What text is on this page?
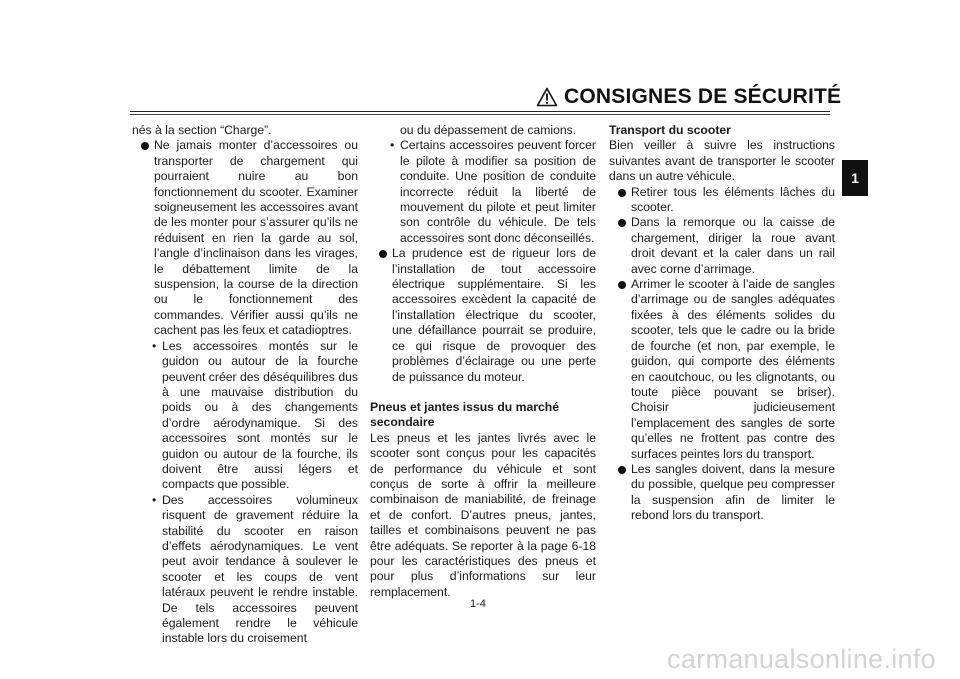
CONSIGNES DE SÉCURITÉ

nés à la section “Charge”.

Ne jamais monter d’accessoires ou transporter de chargement qui pourraient nuire au bon fonctionnement du scooter. Examiner soigneusement les accessoires avant de les monter pour s’assurer qu’ils ne réduisent en rien la garde au sol, l’angle d’inclinaison dans les virages, le débattement limite de la suspension, la course de la direction ou le fonctionnement des commandes. Vérifier aussi qu’ils ne cachent pas les feux et catadioptres.

• Les accessoires montés sur le guidon ou autour de la fourche peuvent créer des déséquilibres dus à une mauvaise distribution du poids ou à des changements d’ordre aérodynamique. Si des accessoires sont montés sur le guidon ou autour de la fourche, ils doivent être aussi légers et compacts que possible.

• Des accessoires volumineux risquent de gravement réduire la stabilité du scooter en raison d’effets aérodynamiques. Le vent peut avoir tendance à soulever le scooter et les coups de vent latéraux peuvent le rendre instable. De tels accessoires peuvent également rendre le véhicule instable lors du croisement

ou du dépassement de camions.

• Certains accessoires peuvent forcer le pilote à modifier sa position de conduite. Une position de conduite incorrecte réduit la liberté de mouvement du pilote et peut limiter son contrôle du véhicule. De tels accessoires sont donc déconseillés.

La prudence est de rigueur lors de l’installation de tout accessoire électrique supplémentaire. Si les accessoires excèdent la capacité de l’installation électrique du scooter, une défaillance pourrait se produire, ce qui risque de provoquer des problèmes d’éclairage ou une perte de puissance du moteur.

Pneus et jantes issus du marché secondaire

Les pneus et les jantes livrés avec le scooter sont conçus pour les capacités de performance du véhicule et sont conçus de sorte à offrir la meilleure combinaison de maniabilité, de freinage et de confort. D’autres pneus, jantes, tailles et combinaisons peuvent ne pas être adéquats. Se reporter à la page 6-18 pour les caractéristiques des pneus et pour plus d’informations sur leur remplacement.

Transport du scooter

Bien veiller à suivre les instructions suivantes avant de transporter le scooter dans un autre véhicule.

Retirer tous les éléments lâches du scooter.

Dans la remorque ou la caisse de chargement, diriger la roue avant droit devant et la caler dans un rail avec corne d’arrimage.

Arrimer le scooter à l’aide de sangles d’arrimage ou de sangles adéquates fixées à des éléments solides du scooter, tels que le cadre ou la bride de fourche (et non, par exemple, le guidon, qui comporte des éléments en caoutchouc, ou les clignotants, ou toute pièce pouvant se briser). Choisir judicieusement l’emplacement des sangles de sorte qu’elles ne frottent pas contre des surfaces peintes lors du transport.

Les sangles doivent, dans la mesure du possible, quelque peu compresser la suspension afin de limiter le rebond lors du transport.

1-4
1
carmanualsonline.info
